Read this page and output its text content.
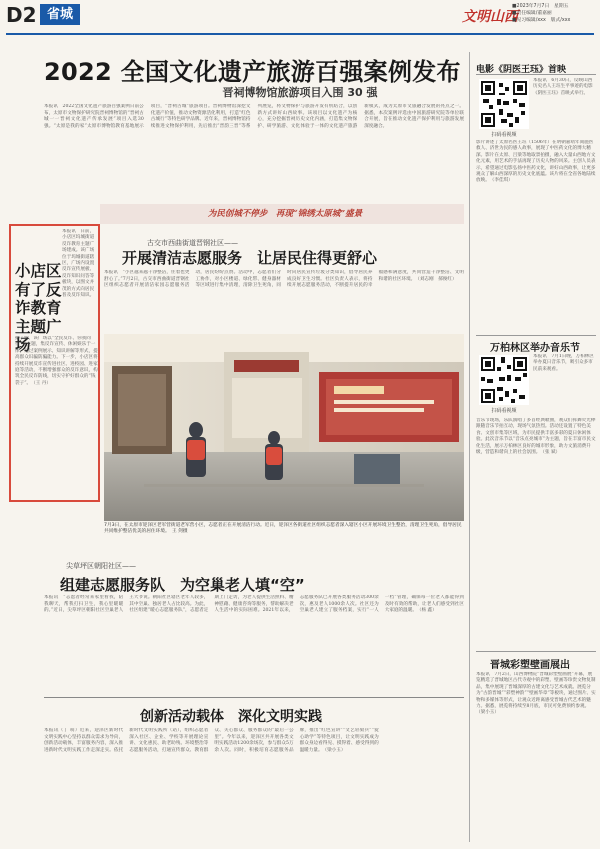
D2 省城	文明山西
■2023年7月7日　星期五
■责任编辑/董嘉丽
■见习编辑/xxx　版式/xxx
2022 全国文化遗产旅游百强案例发布
晋祠博物馆旅游项目入围 30 强
本报讯　2022全国文化遗产旅游百强案例日前公布，太原市文物保护研究院晋祠博物馆的“晋祠古城一一晋祠文化遗产传承发展”项目入选30强。“太原是我的家”太原市博物馆教育基地展示项目，“晋祠古城”旅游项目。晋祠博物馆深挖文化遗产价值，推动文物资源活化利用，打造“红色古城行”等特色研学品牌。近年来，晋祠博物馆持续推进文物保护利用，先后推出“晋韵三晋”等系列展览，将文物保护与旅游开发有机结合，以创新方式讲好山西故事。该项目以文化遗产为核心，充分挖掘晋祠历史文化内涵，打造集文物保护、研学旅游、文化体验于一体的文化遗产旅游新模式，成为太原市文旅融合发展的亮点之一。据悉，本次案例评选由中国旅游研究院等单位联合开展，旨在推动文化遗产保护利用与旅游发展深度融合。
电影《阴医王珏》首映
扫码看视频
本报讯　6月30日，反映山西历史名人王珏生平事迹的电影《阴医王珏》首映式举行。
影片讲述了太原名医王珏（1506年）在明朝嘉靖年间施医救人、济世为民的感人故事，展现了中医药文化的博大精深。影片在太原、吕梁等地取景拍摄，融入大量山西地方文化元素，用艺术的手法再现了历史人物的风采。主创人员表示，希望通过电影弘扬中医药文化，讲好山西故事，让更多观众了解山西深厚的历史文化底蕴。该片将在全省各地陆续放映。　（李佳琪）
万柏林区举办音乐节
扫码看视频
本报讯　7月1日晚，万柏林区举办夏日音乐节，吸引众多市民前来观看。
音乐节现场，乐队演唱了多首经典歌曲，观众们挥舞荧光棒跟随音乐节拍互动，现场气氛热烈。活动还设置了特色美食、文创市集等区域，为市民提供丰富多彩的夏日休闲体验。此次音乐节以“音乐点亮城市”为主题，旨在丰富市民文化生活，展示万柏林区良好的城市形象，助力文旅消费升级，营造和谐向上的社会氛围。　（张 斌）
晋城彩塑壁画展出
本报讯　7月2日，山西博物院“晋城彩塑壁画展”开幕，展览精选了晋城地区古代寺观中的彩塑、壁画等珍贵文物复制品，集中展现了晋城深厚的古建文化与艺术成就。展览分为“古韵晋城”“彩塑神韵”“壁画华章”等板块，通过图片、实物和多媒体等形式，让观众近距离感受晋城古代艺术的魅力。据悉，展览将持续至8月底，市民可免费预约参观。　（梁小玉）
为民创城不停步　再现“锦绣太原城”盛景
小店区有了反诈教育主题广场
本报讯　日前，小店区坞城街道反诈教育主题广场建成。该广场位于坞城街道辖区，广场内设置反诈宣传展板、反诈知识问答等板块，以图文并茂的方式向居民普及反诈知识。
据了解，该广场以“全民反诈、你我同行”为主题，集反诈宣传、休闲娱乐于一体，通过案例展示、知识讲解等形式，提高群众识骗防骗能力。下一步，小店区将持续开展反诈宣传进社区、进校园、进家庭等活动，不断增强群众的反诈意识，构筑全民反诈防线，切实守护好群众的“钱袋子”。　（王 丹）
古交市西曲街道晋钢社区——
开展清洁志愿服务　让居民住得更舒心
本报讯　“小区越来越干净整洁，住着也更舒心了。”7月2日，古交市西曲街道晋钢社区组织志愿者开展清洁家园志愿服务活动，居民纷纷点赞。活动中，志愿者们分工协作，对小区楼道、绿化带、健身器材等区域进行集中清理，清除卫生死角，同时向居民宣传垃圾分类知识，倡导居民养成良好卫生习惯。社区负责人表示，将持续开展志愿服务活动，不断提升居民的幸福感和满意度，共同营造干净整洁、文明和谐的社区环境。　（刘志刚　郝俊红）
7月3日，在太原市迎泽区老军营街道老军营小区，志愿者正在开展清洁行动。近日，迎泽区各街道社区组织志愿者深入辖区小区开展环境卫生整治，清理卫生死角，倡导居民共同维护整洁优美的居住环境。　王 剑摄
尖草坪区朝阳社区——
组建志愿服务队　为空巢老人填“空”
本报讯　“志愿者经常来家里看我，陪我聊天，帮我打扫卫生，我心里暖暖的。”近日，尖草坪区朝阳社区空巢老人王大爷说。朝阳社区辖区老年人较多，其中空巢、独居老人占比较高。为此，社区组建“暖心志愿服务队”，志愿者定期上门走访，为老人提供生活照料、精神慰藉、健康咨询等服务，帮助解决老人生活中的实际困难。2021年以来，志愿服务队已开展各类服务活动300余次，惠及老人1000余人次。社区还为空巢老人建立了服务档案，实行“一人一档”管理，确保每一位老人都能得到及时有效的帮助，让老人们感受到社区大家庭的温暖。　（杨 鑫）
创新活动载体　深化文明实践
本报讯（丁 萌）近来，迎泽区新时代文明实践中心坚持以群众需求为导向，创新活动载体，丰富服务内容，深入推进新时代文明实践工作走深走实。依托新时代文明实践所（站），组织志愿者深入社区、企业、学校等开展理论宣讲、文化惠民、助老助残、环境整治等志愿服务活动，打通宣传群众、教育群众、关心群众、服务群众的“最后一公里”。今年以来，迎泽区共开展各类文明实践活动1200余场次，参与群众5万余人次。同时，积极培育志愿服务品牌，推出“红色宣讲”“文艺轻骑兵”“爱心助学”等特色项目，让文明实践成为群众身边看得见、摸得着、感受得到的温暖力量。　（梁小玉）
